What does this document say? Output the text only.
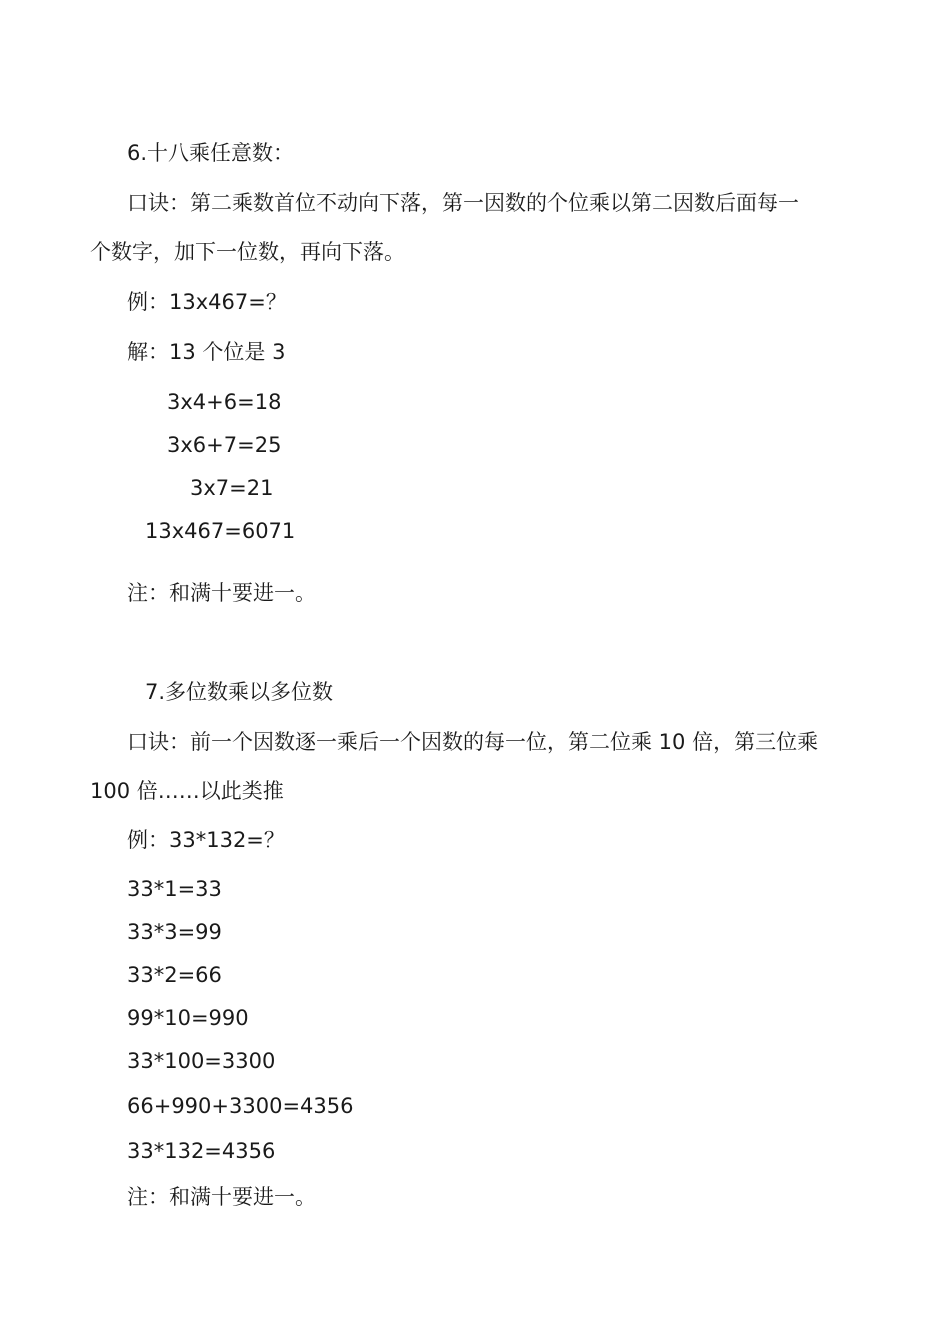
6.十八乘任意数：
口诀：第二乘数首位不动向下落，第一因数的个位乘以第二因数后面每一
个数字，加下一位数，再向下落。
例：13x467=？
解：13 个位是 3
3x4+6=18
3x6+7=25
3x7=21
13x467=6071
注：和满十要进一。
7.多位数乘以多位数
口诀：前一个因数逐一乘后一个因数的每一位，第二位乘 10 倍，第三位乘
100 倍……以此类推
例：33*132=？
33*1=33
33*3=99
33*2=66
99*10=990
33*100=3300
66+990+3300=4356
33*132=4356
注：和满十要进一。
